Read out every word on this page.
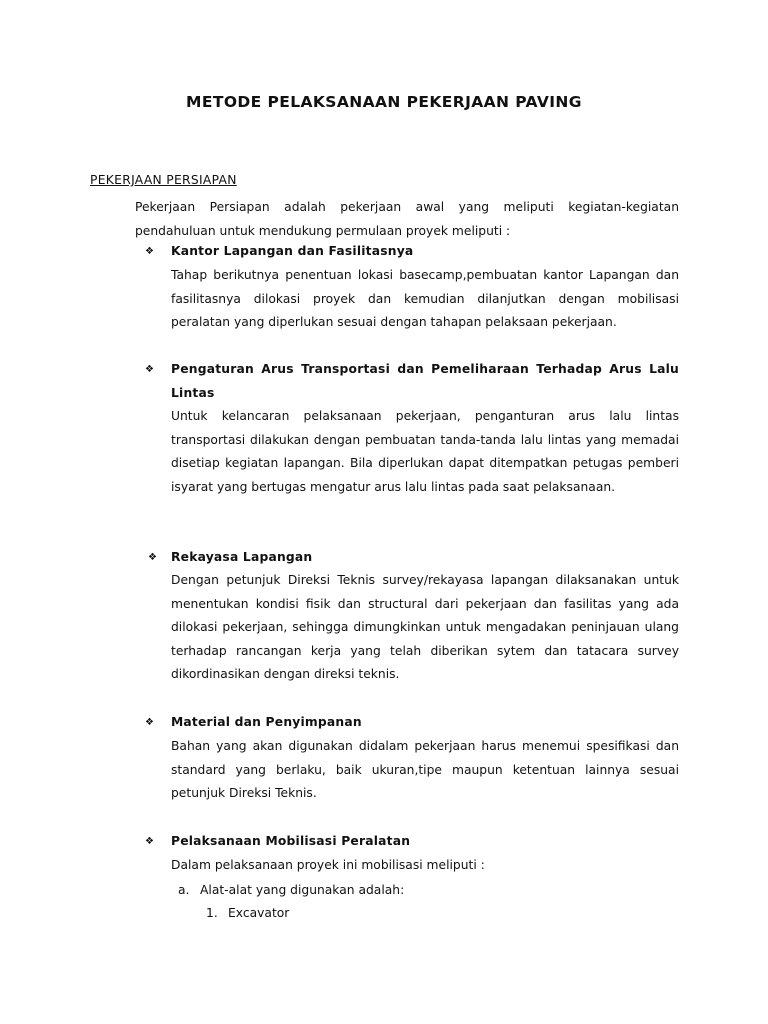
METODE PELAKSANAAN PEKERJAAN PAVING
PEKERJAAN PERSIAPAN
Pekerjaan Persiapan adalah pekerjaan awal yang meliputi kegiatan-kegiatan pendahuluan untuk mendukung permulaan proyek meliputi :
❖ Kantor Lapangan dan Fasilitasnya
Tahap berikutnya penentuan lokasi basecamp,pembuatan kantor Lapangan dan fasilitasnya dilokasi proyek dan kemudian dilanjutkan dengan mobilisasi peralatan yang diperlukan sesuai dengan tahapan pelaksaan pekerjaan.
❖ Pengaturan Arus Transportasi dan Pemeliharaan Terhadap Arus Lalu Lintas
Untuk kelancaran pelaksanaan pekerjaan, penganturan arus lalu lintas transportasi dilakukan dengan pembuatan tanda-tanda lalu lintas yang memadai disetiap kegiatan lapangan. Bila diperlukan dapat ditempatkan petugas pemberi isyarat yang bertugas mengatur arus lalu lintas pada saat pelaksanaan.
❖ Rekayasa Lapangan
Dengan petunjuk Direksi Teknis survey/rekayasa lapangan dilaksanakan untuk menentukan kondisi fisik dan structural dari pekerjaan dan fasilitas yang ada dilokasi pekerjaan, sehingga dimungkinkan untuk mengadakan peninjauan ulang terhadap rancangan kerja yang telah diberikan sytem dan tatacara survey dikordinasikan dengan direksi teknis.
❖ Material dan Penyimpanan
Bahan yang akan digunakan didalam pekerjaan harus menemui spesifikasi dan standard yang berlaku, baik ukuran,tipe maupun ketentuan lainnya sesuai petunjuk Direksi Teknis.
❖ Pelaksanaan Mobilisasi Peralatan
Dalam pelaksanaan proyek ini mobilisasi meliputi :
a. Alat-alat yang digunakan adalah:
1. Excavator
